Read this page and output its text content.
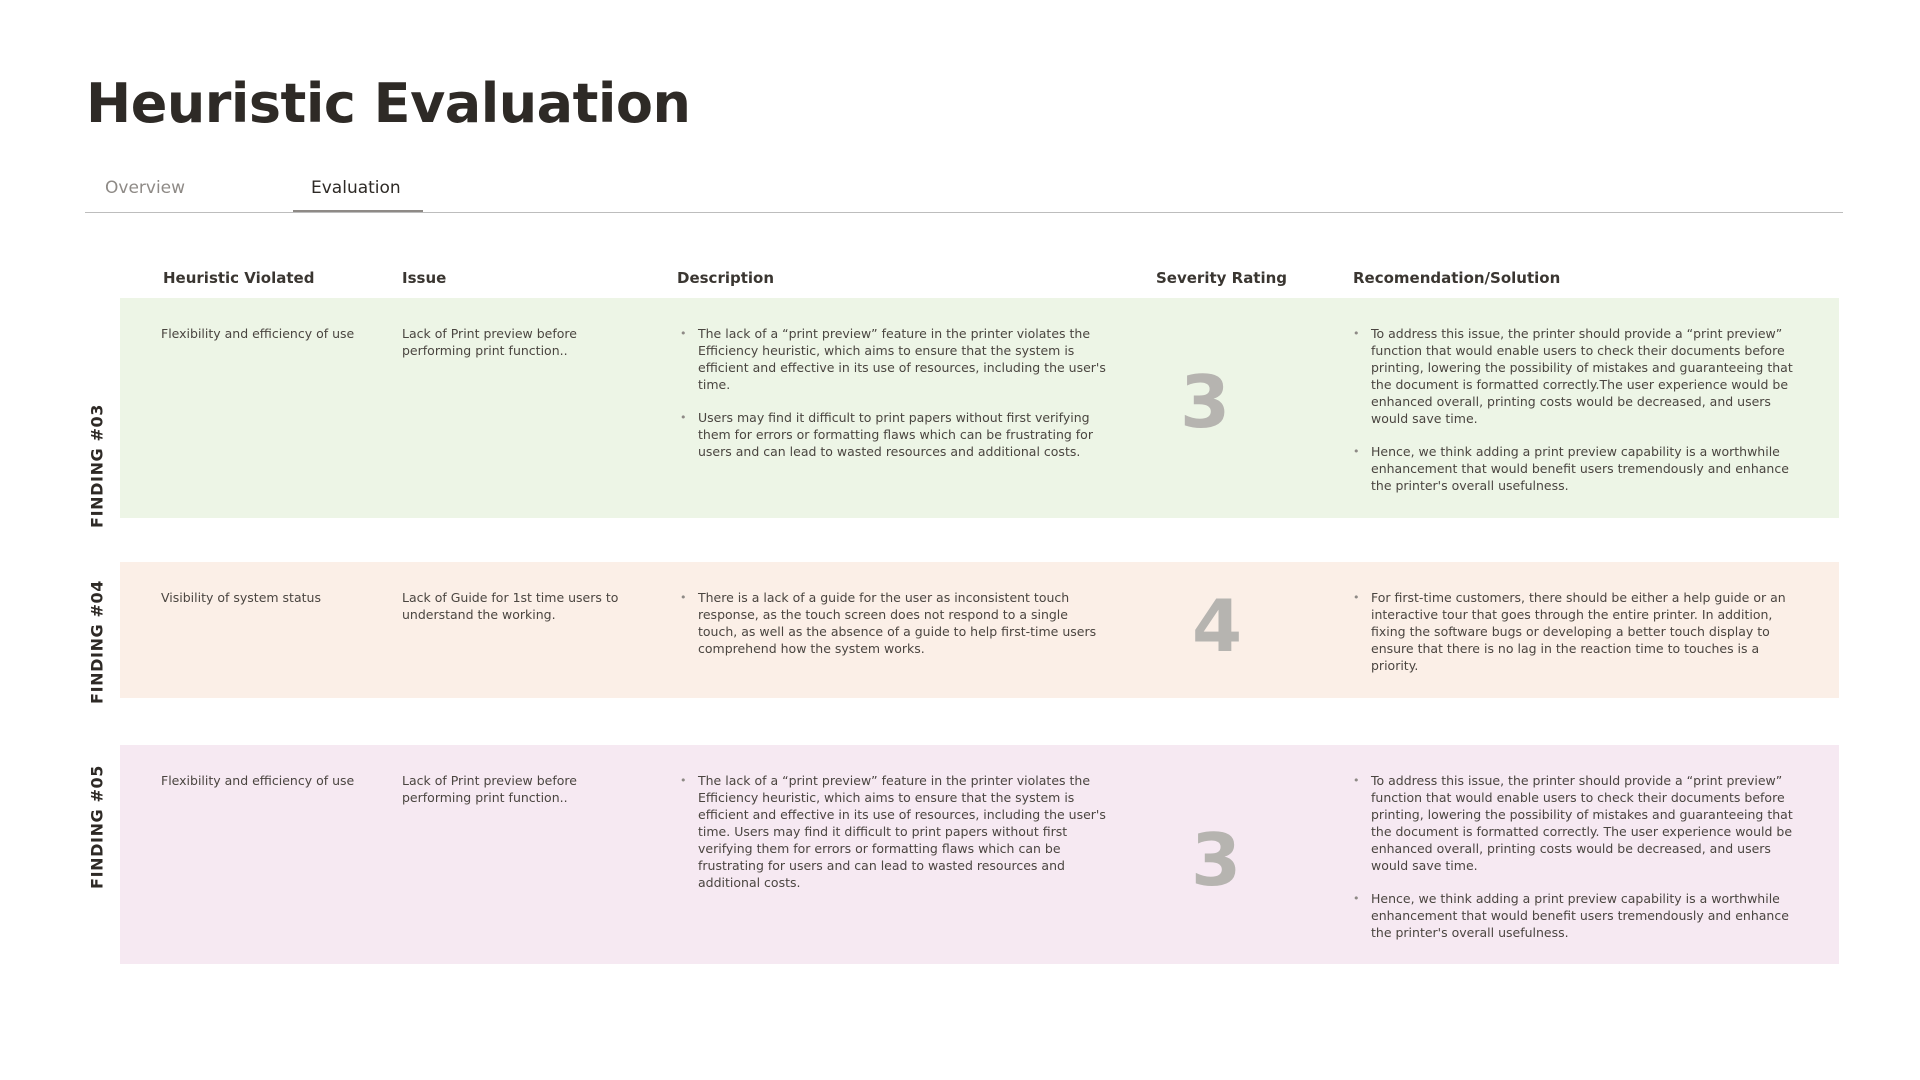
Heuristic Evaluation
Overview	Evaluation
Heuristic Violated	Issue	Description	Severity Rating	Recomendation/Solution
FINDING #03
Flexibility and efficiency of use	Lack of Print preview before performing print function..
• The lack of a “print preview” feature in the printer violates the Efficiency heuristic, which aims to ensure that the system is efficient and effective in its use of resources, including the user's time.
• Users may find it difficult to print papers without first verifying them for errors or formatting flaws which can be frustrating for users and can lead to wasted resources and additional costs.
3
• To address this issue, the printer should provide a “print preview” function that would enable users to check their documents before printing, lowering the possibility of mistakes and guaranteeing that the document is formatted correctly.The user experience would be enhanced overall, printing costs would be decreased, and users would save time.
• Hence, we think adding a print preview capability is a worthwhile enhancement that would benefit users tremendously and enhance the printer's overall usefulness.
FINDING #04	Visibility of system status	Lack of Guide for 1st time users to understand the working.
• There is a lack of a guide for the user as inconsistent touch response, as the touch screen does not respond to a single touch, as well as the absence of a guide to help first-time users comprehend how the system works.	4
•	For first-time customers, there should be either a help guide or an interactive tour that goes through the entire printer. In addition, fixing the software bugs or developing a better touch display to ensure that there is no lag in the reaction time to touches is a priority.
FINDING #05	Flexibility and efficiency of use	Lack of Print preview before performing print function..
• The lack of a “print preview” feature in the printer violates the Efficiency heuristic, which aims to ensure that the system is efficient and effective in its use of resources, including the user's time. Users may find it difficult to print papers without first verifying them for errors or formatting flaws which can be frustrating for users and can lead to wasted resources and additional costs.	3
• To address this issue, the printer should provide a “print preview” function that would enable users to check their documents before printing, lowering the possibility of mistakes and guaranteeing that the document is formatted correctly. The user experience would be enhanced overall, printing costs would be decreased, and users would save time.
• Hence, we think adding a print preview capability is a worthwhile enhancement that would benefit users tremendously and enhance the printer's overall usefulness.
